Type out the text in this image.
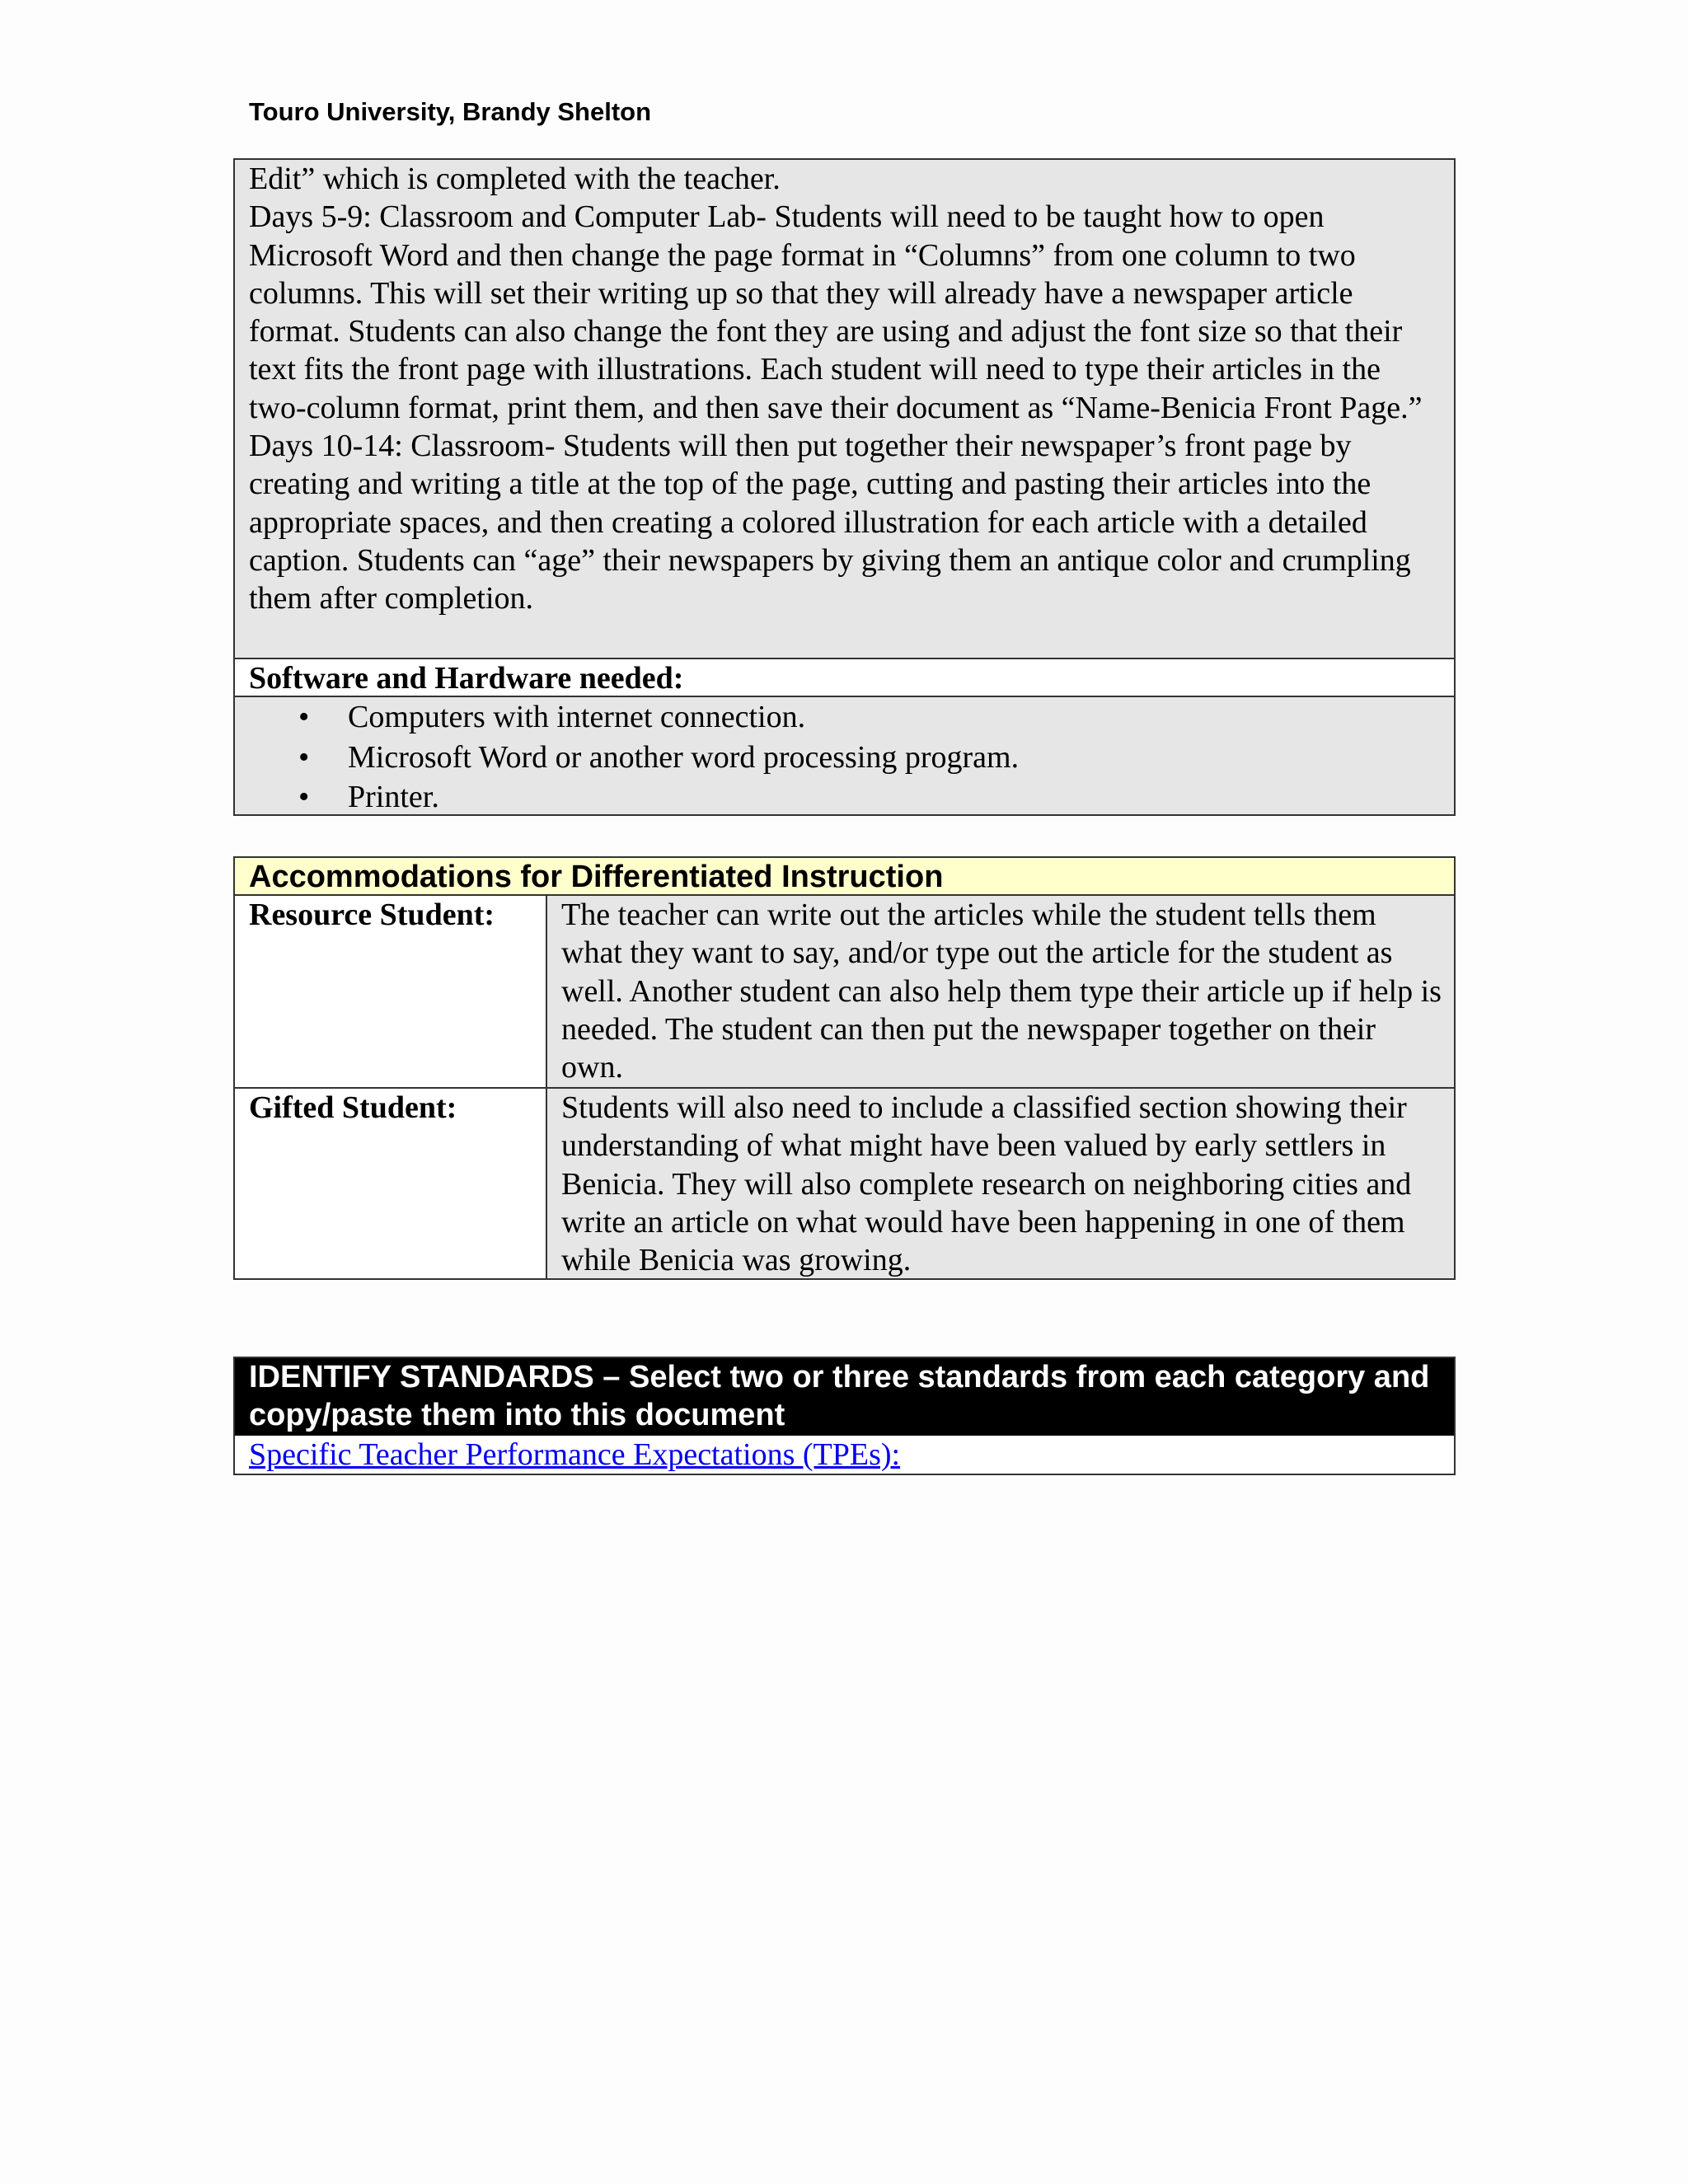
Touro University, Brandy Shelton

Edit” which is completed with the teacher.

Days 5-9: Classroom and Computer Lab- Students will need to be taught how to open Microsoft Word and then change the page format in “Columns” from one column to two columns. This will set their writing up so that they will already have a newspaper article format. Students can also change the font they are using and adjust the font size so that their text fits the front page with illustrations. Each student will need to type their articles in the two-column format, print them, and then save their document as “Name-Benicia Front Page.”

Days 10-14: Classroom- Students will then put together their newspaper’s front page by creating and writing a title at the top of the page, cutting and pasting their articles into the appropriate spaces, and then creating a colored illustration for each article with a detailed caption. Students can “age” their newspapers by giving them an antique color and crumpling them after completion.

Software and Hardware needed:
• Computers with internet connection.
• Microsoft Word or another word processing program.
• Printer.
Accommodations for Differentiated Instruction
Resource Student:	The teacher can write out the articles while the student tells them what they want to say, and/or type out the article for the student as well. Another student can also help them type their article up if help is needed. The student can then put the newspaper together on their own.
Gifted Student:	Students will also need to include a classified section showing their understanding of what might have been valued by early settlers in Benicia. They will also complete research on neighboring cities and write an article on what would have been happening in one of them while Benicia was growing.
IDENTIFY STANDARDS – Select two or three standards from each category and copy/paste them into this document
Specific Teacher Performance Expectations (TPEs):
